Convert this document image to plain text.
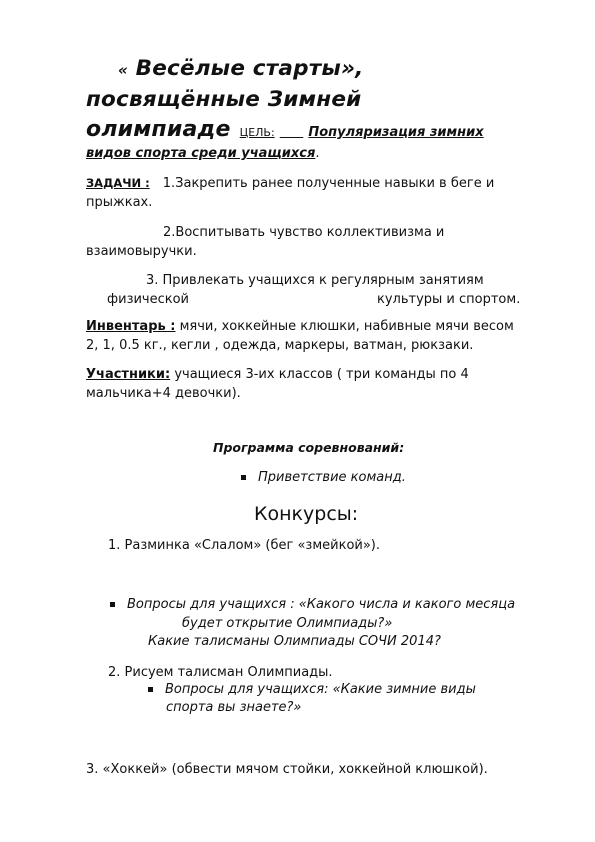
« Весёлые старты»,
посвящённые Зимней
олимпиаде ЦЕЛЬ:	Популяризация зимних
видов спорта среди учащихся.
ЗАДАЧИ : 1.Закрепить ранее полученные навыки в беге и
прыжках.
2.Воспитывать чувство коллективизма и
взаимовыручки.
3. Привлекать учащихся к регулярным занятиям
физической	культуры и спортом.
Инвентарь : мячи, хоккейные клюшки, набивные мячи весом
2, 1, 0.5 кг., кегли , одежда, маркеры, ватман, рюкзаки.
Участники: учащиеся 3-их классов ( три команды по 4
мальчика+4 девочки).
Программа соревнований:
Приветствие команд.
Конкурсы:
1. Разминка «Слалом» (бег «змейкой»).
Вопросы для учащихся : «Какого числа и какого месяца
будет открытие Олимпиады?»
Какие талисманы Олимпиады СОЧИ 2014?
2. Рисуем талисман Олимпиады.
Вопросы для учащихся: «Какие зимние виды
спорта вы знаете?»
3. «Хоккей» (обвести мячом стойки, хоккейной клюшкой).
